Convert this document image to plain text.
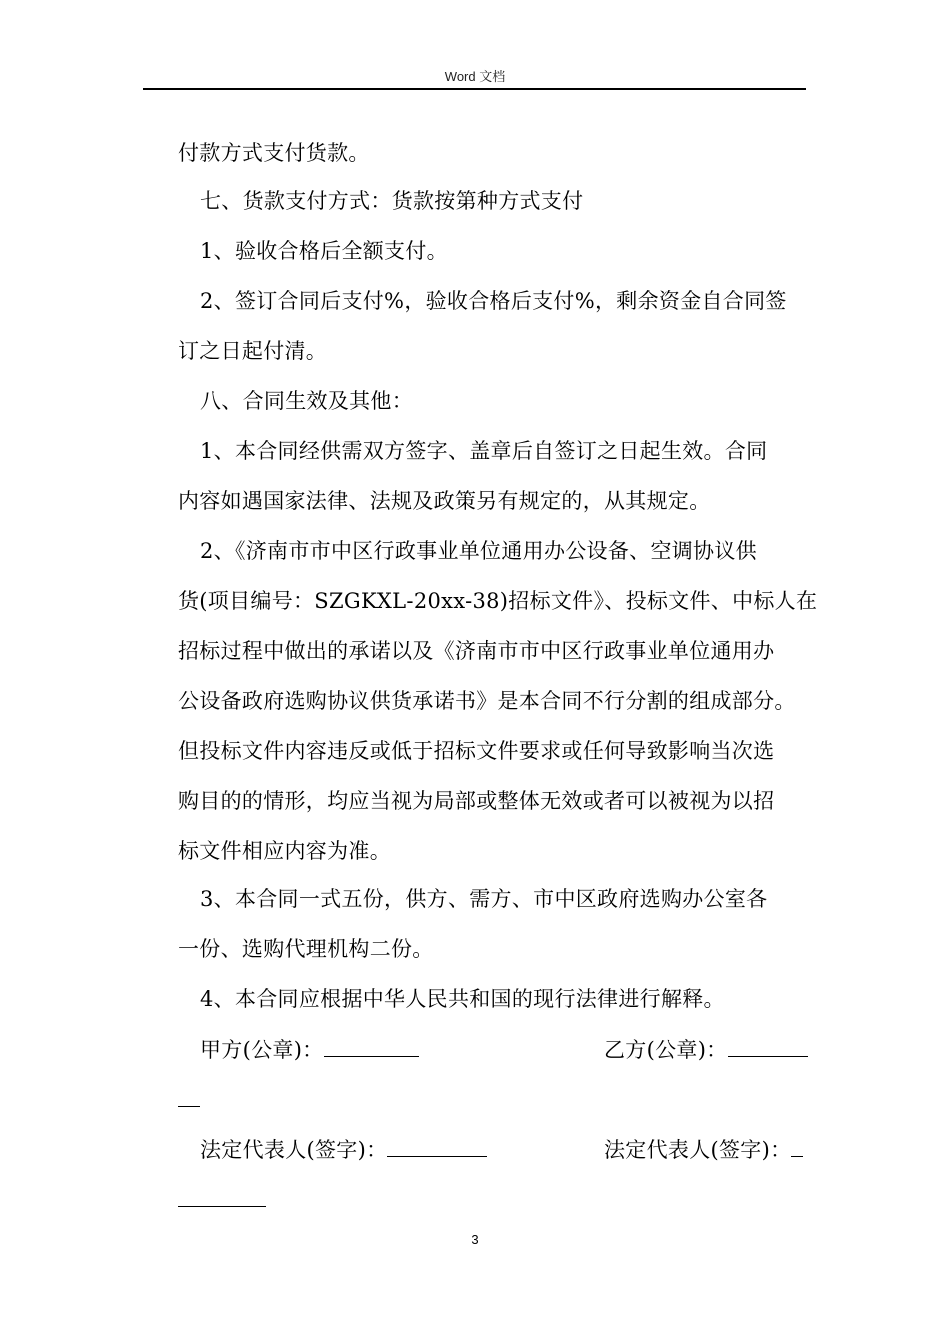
Word 文档
付款方式支付货款。
七、货款支付方式：货款按第种方式支付
1、验收合格后全额支付。
2、签订合同后支付%，验收合格后支付%，剩余资金自合同签
订之日起付清。
八、合同生效及其他：
1、本合同经供需双方签字、盖章后自签订之日起生效。合同
内容如遇国家法律、法规及政策另有规定的，从其规定。
2、《济南市市中区行政事业单位通用办公设备、空调协议供
货(项目编号：SZGKXL-20xx-38)招标文件》、投标文件、中标人在
招标过程中做出的承诺以及《济南市市中区行政事业单位通用办
公设备政府选购协议供货承诺书》是本合同不行分割的组成部分。
但投标文件内容违反或低于招标文件要求或任何导致影响当次选
购目的的情形，均应当视为局部或整体无效或者可以被视为以招
标文件相应内容为准。
3、本合同一式五份，供方、需方、市中区政府选购办公室各
一份、选购代理机构二份。
4、本合同应根据中华人民共和国的现行法律进行解释。
甲方(公章)：	乙方(公章)：
法定代表人(签字)：	法定代表人(签字)：
3
